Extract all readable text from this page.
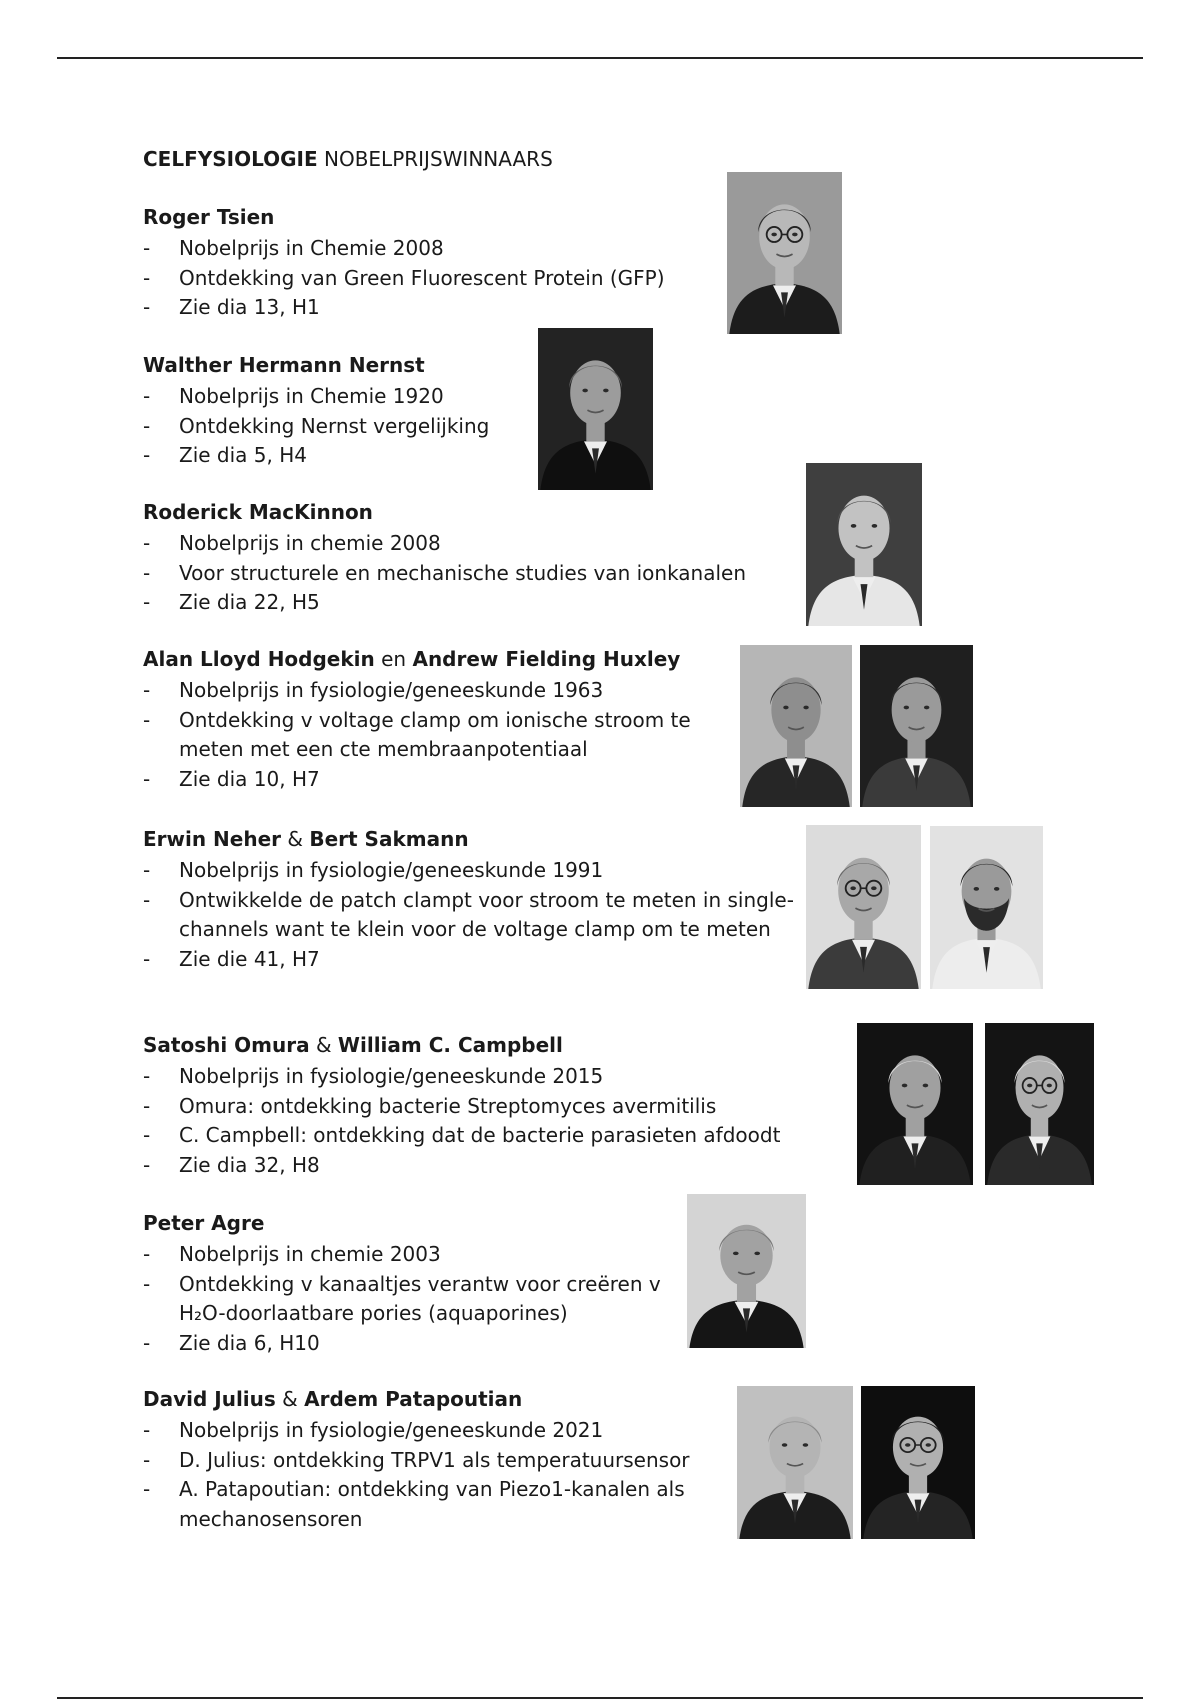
CELFYSIOLOGIE NOBELPRIJSWINNAARS
Roger Tsien
- Nobelprijs in Chemie 2008
- Ontdekking van Green Fluorescent Protein (GFP)
- Zie dia 13, H1
Walther Hermann Nernst
- Nobelprijs in Chemie 1920
- Ontdekking Nernst vergelijking
- Zie dia 5, H4
Roderick MacKinnon
- Nobelprijs in chemie 2008
- Voor structurele en mechanische studies van ionkanalen
- Zie dia 22, H5
Alan Lloyd Hodgekin en Andrew Fielding Huxley
- Nobelprijs in fysiologie/geneeskunde 1963
- Ontdekking v voltage clamp om ionische stroom te meten met een cte membraanpotentiaal
- Zie dia 10, H7
Erwin Neher & Bert Sakmann
- Nobelprijs in fysiologie/geneeskunde 1991
- Ontwikkelde de patch clampt voor stroom te meten in single-channels want te klein voor de voltage clamp om te meten
- Zie die 41, H7
Satoshi Omura & William C. Campbell
- Nobelprijs in fysiologie/geneeskunde 2015
- Omura: ontdekking bacterie Streptomyces avermitilis
- C. Campbell: ontdekking dat de bacterie parasieten afdoodt
- Zie dia 32, H8
Peter Agre
- Nobelprijs in chemie 2003
- Ontdekking v kanaaltjes verantw voor creëren v H₂O-doorlaatbare pories (aquaporines)
- Zie dia 6, H10
David Julius & Ardem Patapoutian
- Nobelprijs in fysiologie/geneeskunde 2021
- D. Julius: ontdekking TRPV1 als temperatuursensor
- A. Patapoutian: ontdekking van Piezo1-kanalen als mechanosensoren
